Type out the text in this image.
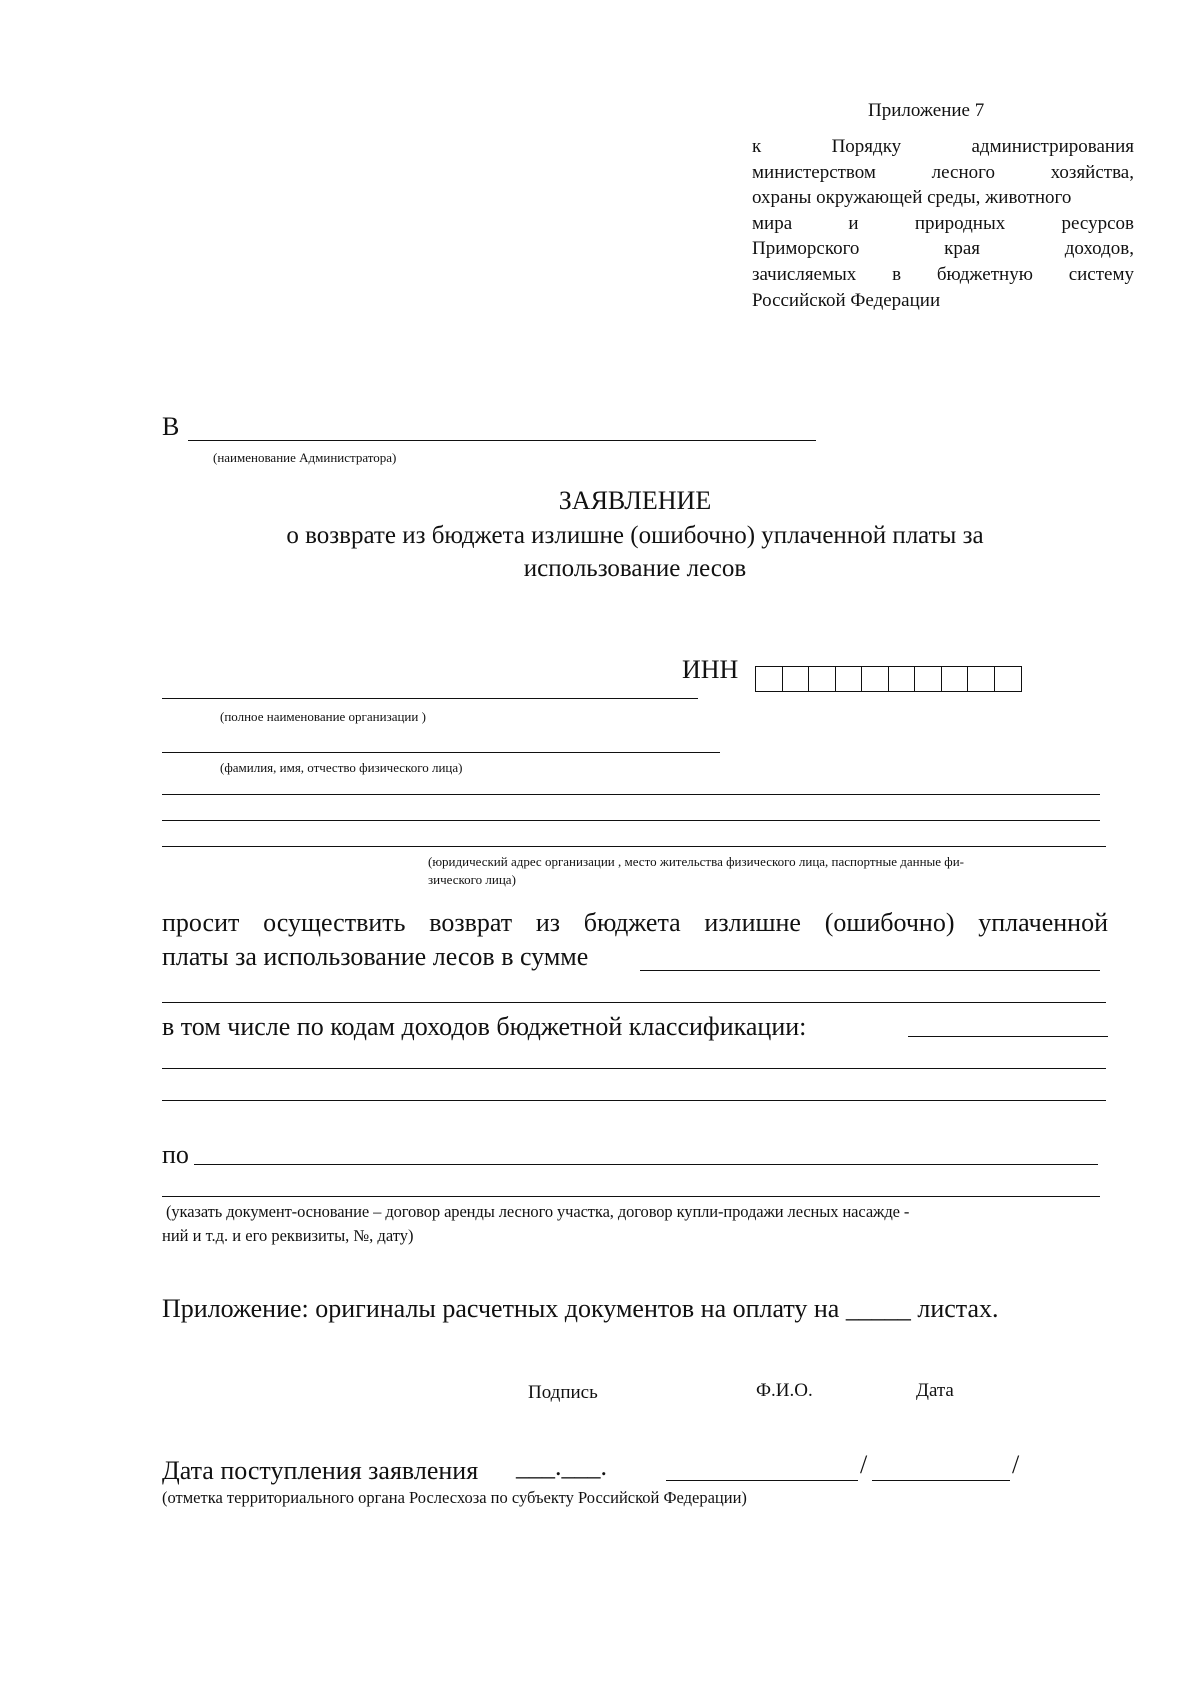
Приложение 7
к	Порядку	администрирования
министерством	лесного	хозяйства,
охраны окружающей среды, животного
мира	и	природных	ресурсов
Приморского	края	доходов,
зачисляемых в бюджетную систему
Российской Федерации
В
(наименование Администратора)
ЗАЯВЛЕНИЕ
о возврате из бюджета излишне (ошибочно) уплаченной платы за
использование лесов
ИНН
(полное наименование организации )
(фамилия, имя, отчество физического лица)
(юридический адрес организации , место жительства физического лица, паспортные данные фи-
зического лица)
просит осуществить возврат из бюджета излишне (ошибочно) уплаченной
платы за использование лесов в сумме
в том числе по кодам доходов бюджетной классификации:
по
(указать документ-основание – договор аренды лесного участка, договор купли-продажи лесных насажде -
ний и т.д. и его реквизиты, №, дату)
Приложение: оригиналы расчетных документов на оплату на _____ листах.
Подпись	Ф.И.О.	Дата
Дата поступления заявления ___.___.	/	/
(отметка территориального органа Рослесхоза по субъекту Российской Федерации)
